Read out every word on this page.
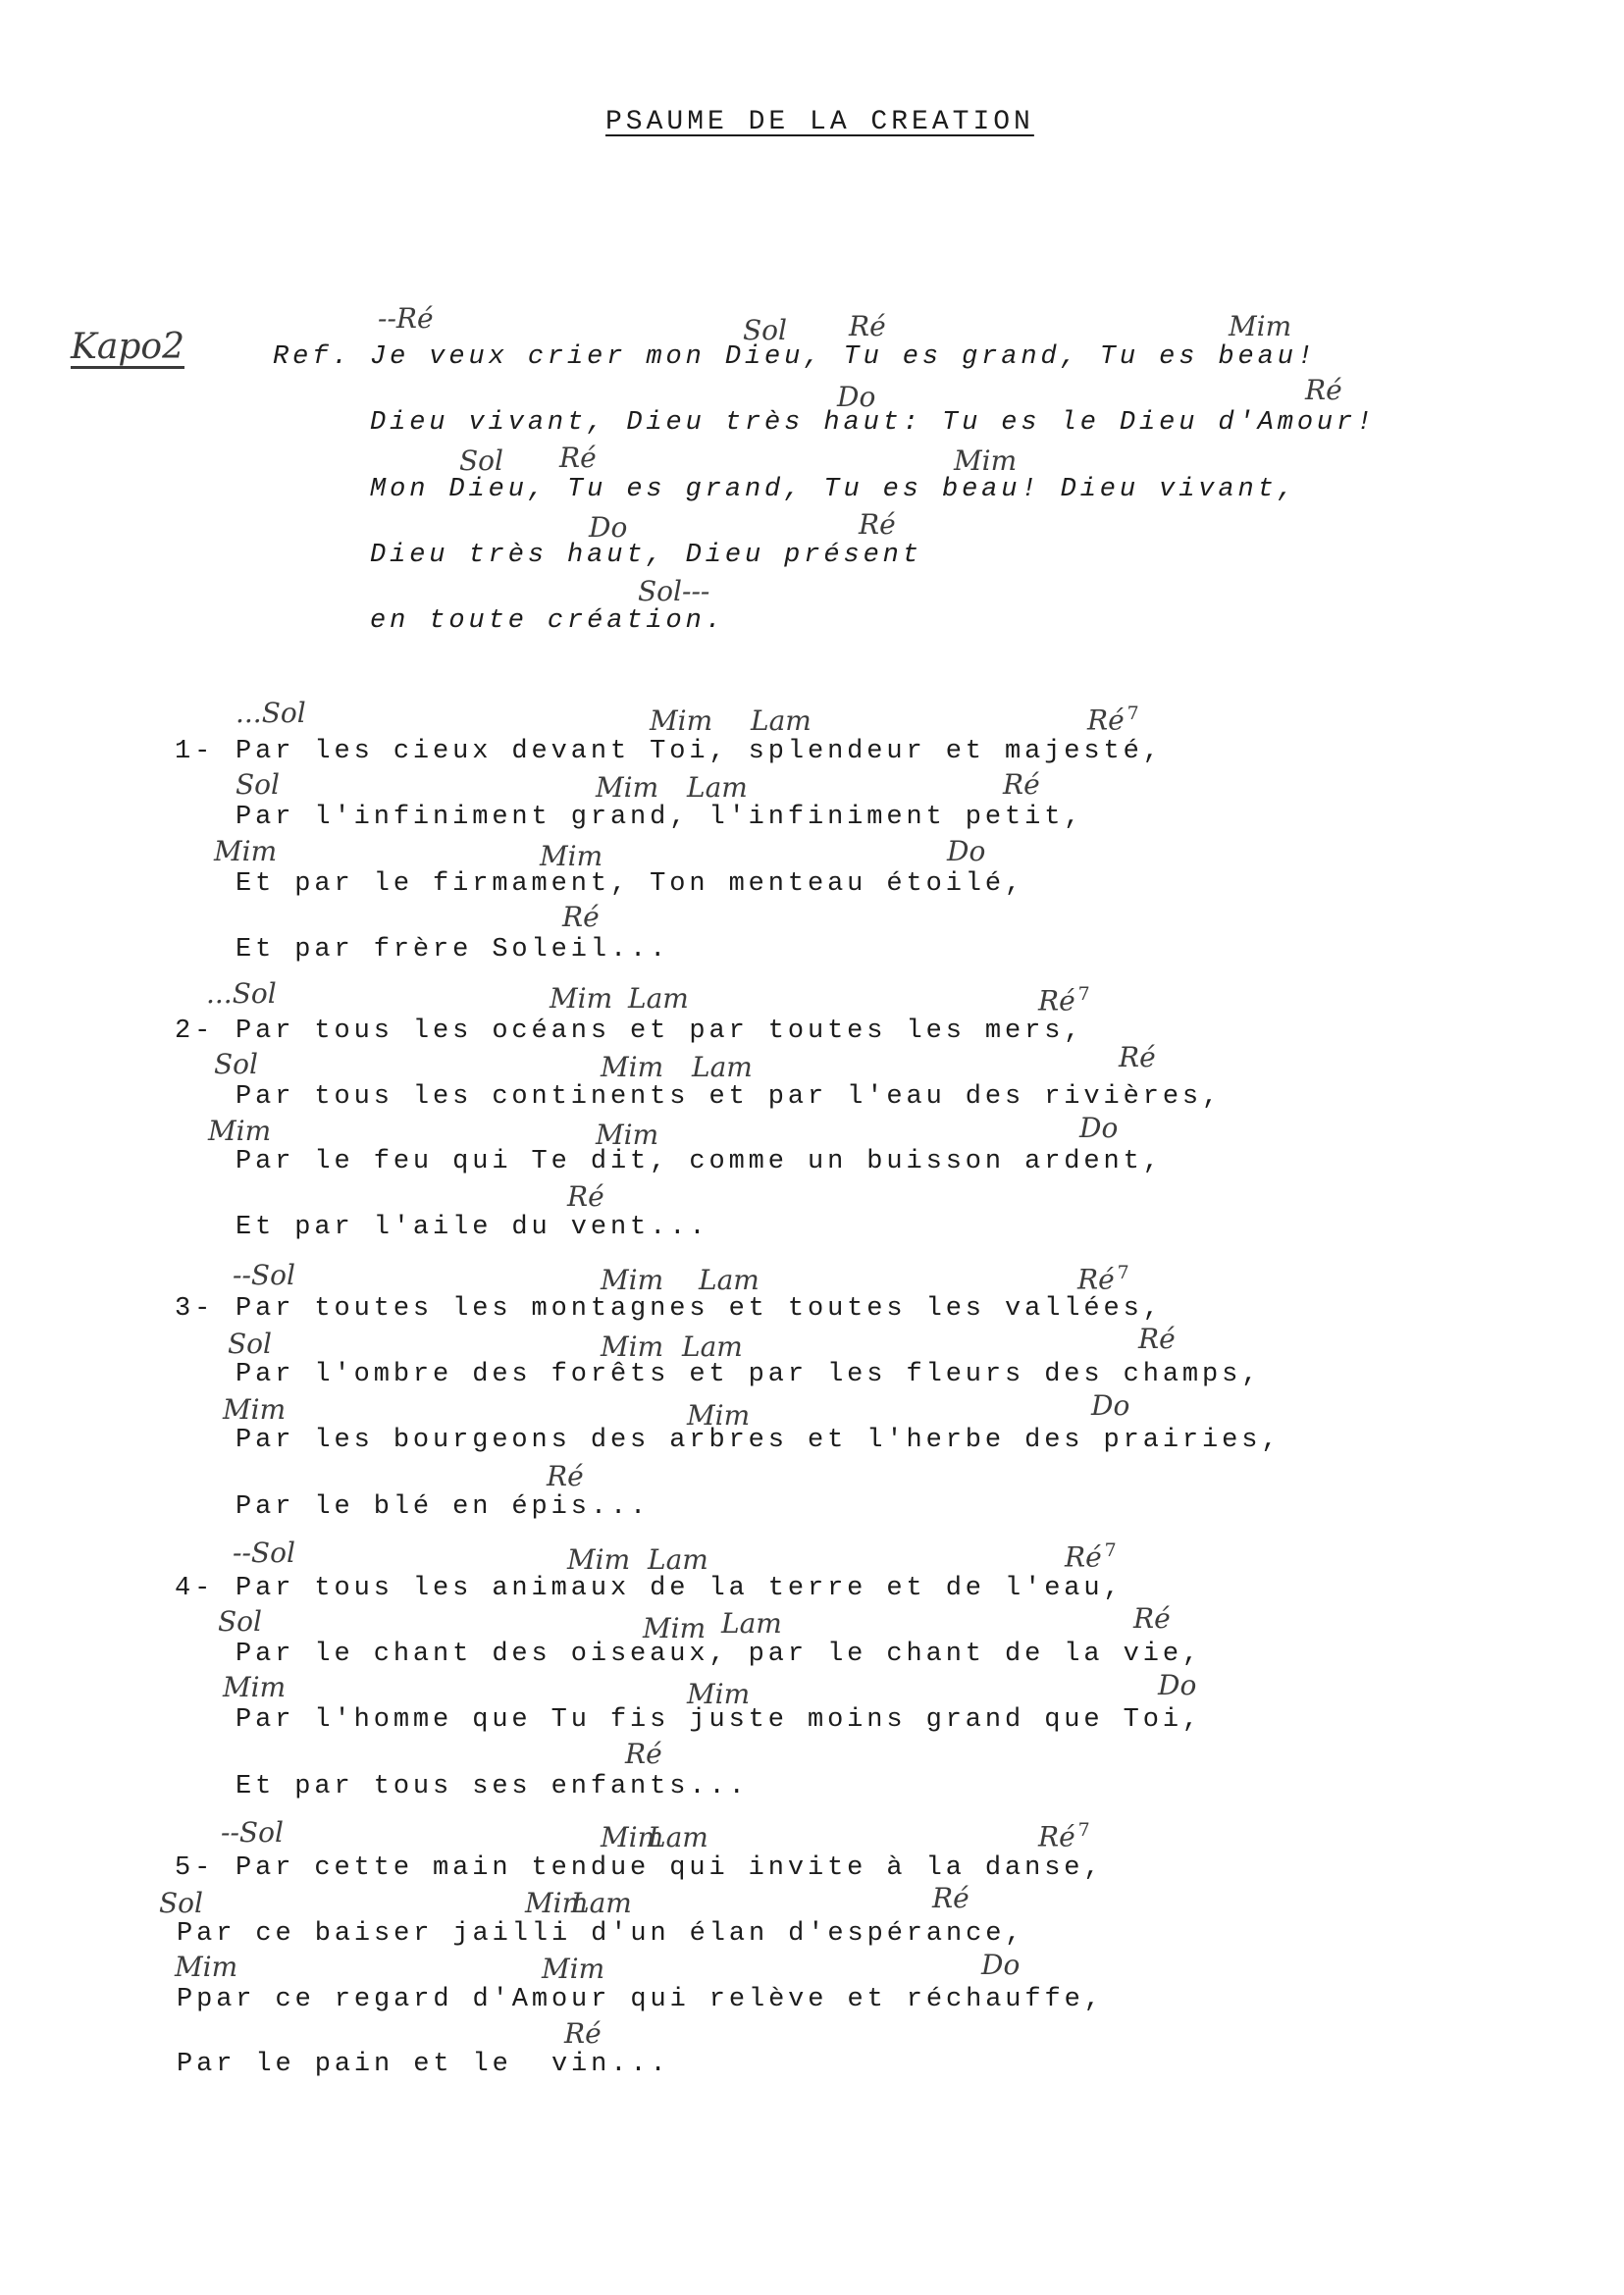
PSAUME DE LA CREATION
Kapo2
--Ré	Sol Ré	Mim
Ref. Je veux crier mon Dieu, Tu es grand, Tu es beau!
Do	Ré
Dieu vivant, Dieu très haut: Tu es le Dieu d'Amour!
Sol Ré	Mim
Mon Dieu, Tu es grand, Tu es beau! Dieu vivant,
Do	Ré
Dieu très haut, Dieu présent
Sol---
en toute création.
...Sol	Mim Lam	Ré $^7$
1- Par les cieux devant Toi, splendeur et majesté,
Sol	Mim Lam	Ré
Par l'infiniment grand, l'infiniment petit,
Mim	Mim	Do
Et par le firmament, Ton menteau étoilé,
Ré
Et par frère Soleil...
...Sol	Mim Lam	Ré $^7$
2- Par tous les océans et par toutes les mers,
Sol	Mim Lam	Ré
Par tous les continents et par l'eau des rivières,
Mim	Mim	Do
Par le feu qui Te dit, comme un buisson ardent,
Ré
Et par l'aile du vent...
--Sol	Mim Lam	Ré $^7$
3- Par toutes les montagnes et toutes les vallées,
Sol	Mim Lam	Ré
Par l'ombre des forêts et par les fleurs des champs,
Mim	Mim	Do
Par les bourgeons des arbres et l'herbe des prairies,
Ré
Par le blé en épis...
--Sol	Mim Lam	Ré $^7$
4- Par tous les animaux de la terre et de l'eau,
Sol	Mim Lam	Ré
Par le chant des oiseaux, par le chant de la vie,
Mim	Mim	Do
Par l'homme que Tu fis juste moins grand que Toi,
Ré
Et par tous ses enfants...
--Sol	Mim
Lam	Ré $^7$
5- Par cette main tendue qui invite à la danse,
Sol	Mim
Lam	Ré
Par ce baiser jailli d'un élan d'espérance,
Mim	Mim	Do
Ppar ce regard d'Amour qui relève et réchauffe,
Ré
Par le pain et le  vin...
